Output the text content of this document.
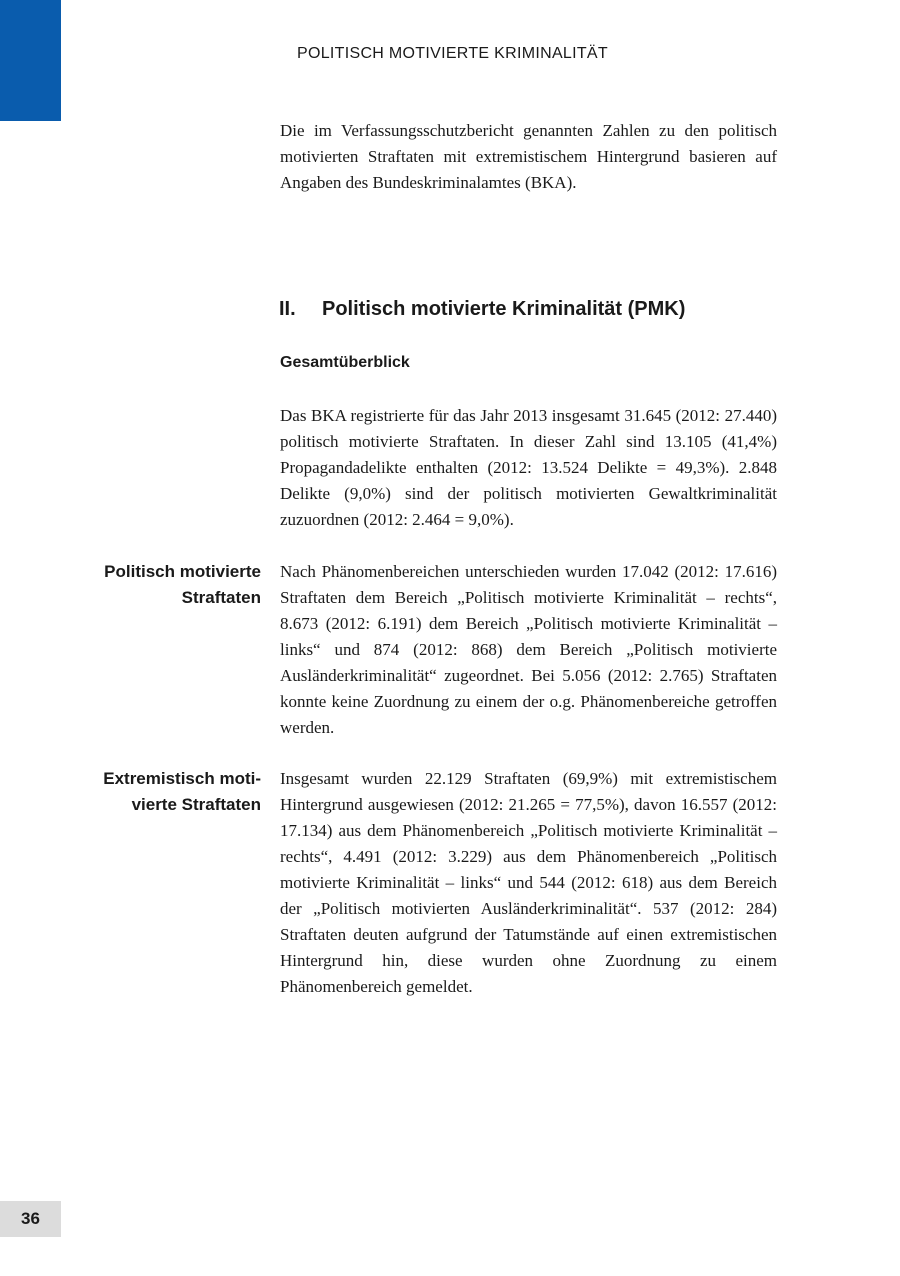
POLITISCH MOTIVIERTE KRIMINALITÄT

Die im Verfassungsschutzbericht genannten Zahlen zu den politisch motivierten Straftaten mit extremistischem Hintergrund basieren auf Angaben des Bundeskriminalamtes (BKA).

II. Politisch motivierte Kriminalität (PMK)
Gesamtüberblick

Das BKA registrierte für das Jahr 2013 insgesamt 31.645 (2012: 27.440) politisch motivierte Straftaten. In dieser Zahl sind 13.105 (41,4%) Propagandadelikte enthalten (2012: 13.524 Delikte = 49,3%). 2.848 Delikte (9,0%) sind der politisch motivierten Gewaltkriminalität zuzuordnen (2012: 2.464 = 9,0%).

Politisch motivierte
Straftaten

Nach Phänomenbereichen unterschieden wurden 17.042 (2012: 17.616) Straftaten dem Bereich „Politisch motivierte Kriminalität – rechts“, 8.673 (2012: 6.191) dem Bereich „Politisch motivierte Kriminalität – links“ und 874 (2012: 868) dem Bereich „Politisch motivierte Ausländerkriminalität“ zugeordnet. Bei 5.056 (2012: 2.765) Straftaten konnte keine Zuordnung zu einem der o.g. Phänomenbereiche getroffen werden.

Extremistisch moti-
vierte Straftaten

Insgesamt wurden 22.129 Straftaten (69,9%) mit extremistischem Hintergrund ausgewiesen (2012: 21.265 = 77,5%), davon 16.557 (2012: 17.134) aus dem Phänomenbereich „Politisch motivierte Kriminalität – rechts“, 4.491 (2012: 3.229) aus dem Phänomenbereich „Politisch motivierte Kriminalität – links“ und 544 (2012: 618) aus dem Bereich der „Politisch motivierten Ausländerkriminalität“. 537 (2012: 284) Straftaten deuten aufgrund der Tatumstände auf einen extremistischen Hintergrund hin, diese wurden ohne Zuordnung zu einem Phänomenbereich gemeldet.

36
